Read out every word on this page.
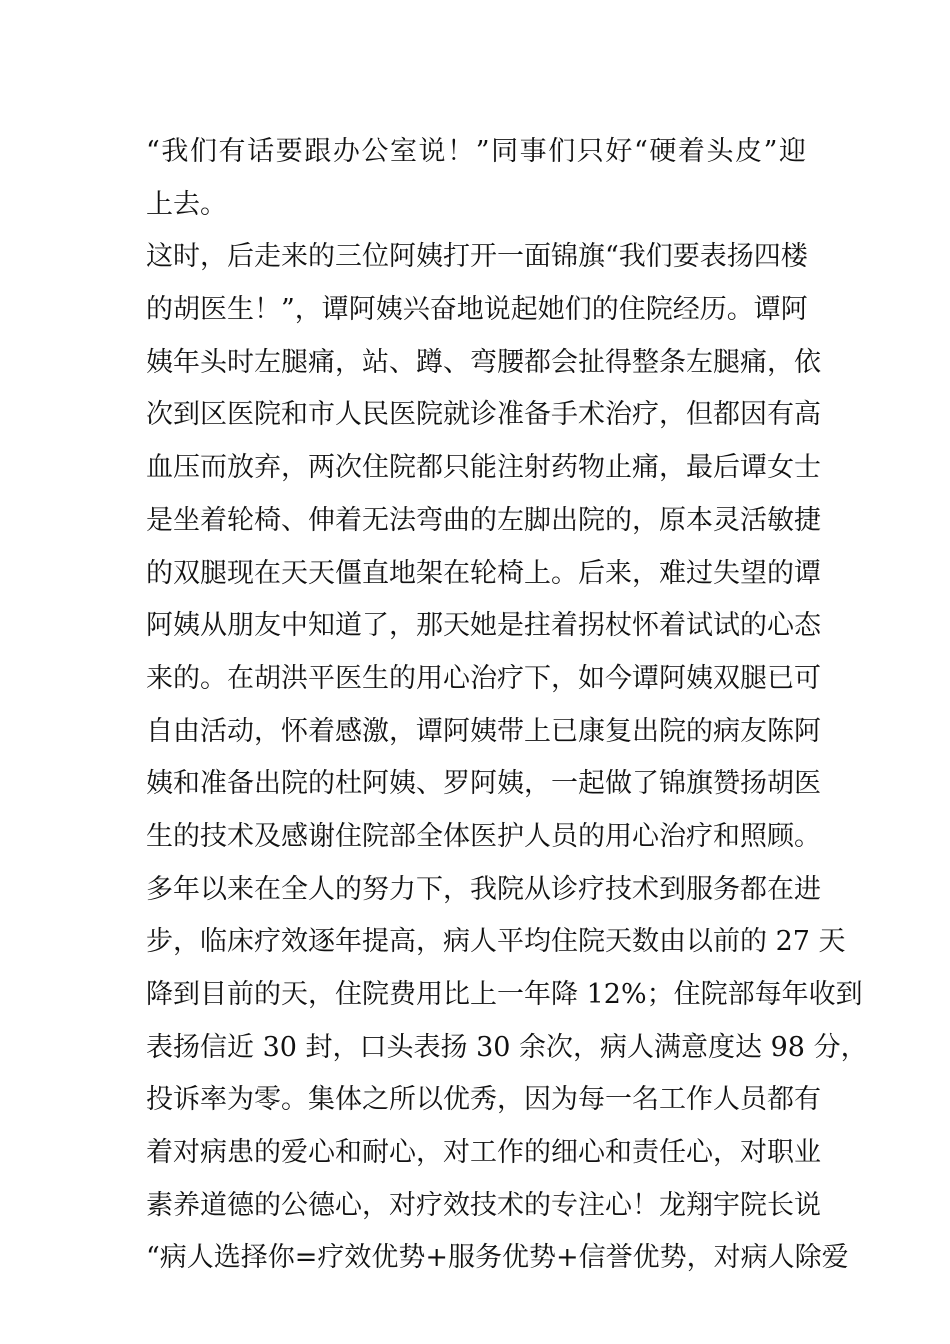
“我们有话要跟办公室说！”同事们只好“硬着头皮”迎
上去。
这时，后走来的三位阿姨打开一面锦旗“我们要表扬四楼
的胡医生！”，谭阿姨兴奋地说起她们的住院经历。谭阿
姨年头时左腿痛，站、蹲、弯腰都会扯得整条左腿痛，依
次到区医院和市人民医院就诊准备手术治疗，但都因有高
血压而放弃，两次住院都只能注射药物止痛，最后谭女士
是坐着轮椅、伸着无法弯曲的左脚出院的，原本灵活敏捷
的双腿现在天天僵直地架在轮椅上。后来，难过失望的谭
阿姨从朋友中知道了，那天她是拄着拐杖怀着试试的心态
来的。在胡洪平医生的用心治疗下，如今谭阿姨双腿已可
自由活动，怀着感激，谭阿姨带上已康复出院的病友陈阿
姨和准备出院的杜阿姨、罗阿姨，一起做了锦旗赞扬胡医
生的技术及感谢住院部全体医护人员的用心治疗和照顾。
多年以来在全人的努力下，我院从诊疗技术到服务都在进
步，临床疗效逐年提高，病人平均住院天数由以前的 27 天
降到目前的天，住院费用比上一年降 12%；住院部每年收到
表扬信近 30 封，口头表扬 30 余次，病人满意度达 98 分，
投诉率为零。集体之所以优秀，因为每一名工作人员都有
着对病患的爱心和耐心，对工作的细心和责任心，对职业
素养道德的公德心，对疗效技术的专注心！龙翔宇院长说
“病人选择你=疗效优势+服务优势+信誉优势，对病人除爱
